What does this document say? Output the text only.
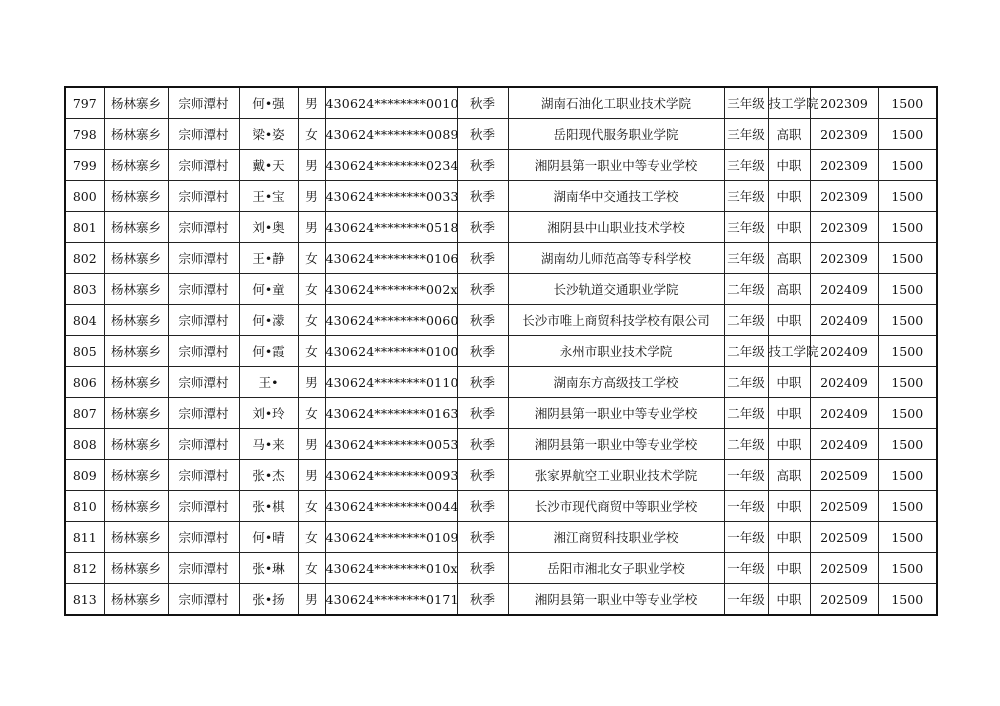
797	杨林寨乡	宗师潭村	何•强	男	430624********0010	秋季	湖南石油化工职业技术学院	三年级	技工学院	202309	1500
798	杨林寨乡	宗师潭村	梁•姿	女	430624********0089	秋季	岳阳现代服务职业学院	三年级	高职	202309	1500
799	杨林寨乡	宗师潭村	戴•天	男	430624********0234	秋季	湘阴县第一职业中等专业学校	三年级	中职	202309	1500
800	杨林寨乡	宗师潭村	王•宝	男	430624********0033	秋季	湖南华中交通技工学校	三年级	中职	202309	1500
801	杨林寨乡	宗师潭村	刘•奥	男	430624********0518	秋季	湘阴县中山职业技术学校	三年级	中职	202309	1500
802	杨林寨乡	宗师潭村	王•静	女	430624********0106	秋季	湖南幼儿师范高等专科学校	三年级	高职	202309	1500
803	杨林寨乡	宗师潭村	何•童	女	430624********002x	秋季	长沙轨道交通职业学院	二年级	高职	202409	1500
804	杨林寨乡	宗师潭村	何•濛	女	430624********0060	秋季	长沙市唯上商贸科技学校有限公司	二年级	中职	202409	1500
805	杨林寨乡	宗师潭村	何•霞	女	430624********0100	秋季	永州市职业技术学院	二年级	技工学院	202409	1500
806	杨林寨乡	宗师潭村	王•	男	430624********0110	秋季	湖南东方高级技工学校	二年级	中职	202409	1500
807	杨林寨乡	宗师潭村	刘•玲	女	430624********0163	秋季	湘阴县第一职业中等专业学校	二年级	中职	202409	1500
808	杨林寨乡	宗师潭村	马•来	男	430624********0053	秋季	湘阴县第一职业中等专业学校	二年级	中职	202409	1500
809	杨林寨乡	宗师潭村	张•杰	男	430624********0093	秋季	张家界航空工业职业技术学院	一年级	高职	202509	1500
810	杨林寨乡	宗师潭村	张•棋	女	430624********0044	秋季	长沙市现代商贸中等职业学校	一年级	中职	202509	1500
811	杨林寨乡	宗师潭村	何•晴	女	430624********0109	秋季	湘江商贸科技职业学校	一年级	中职	202509	1500
812	杨林寨乡	宗师潭村	张•琳	女	430624********010x	秋季	岳阳市湘北女子职业学校	一年级	中职	202509	1500
813	杨林寨乡	宗师潭村	张•扬	男	430624********0171	秋季	湘阴县第一职业中等专业学校	一年级	中职	202509	1500
